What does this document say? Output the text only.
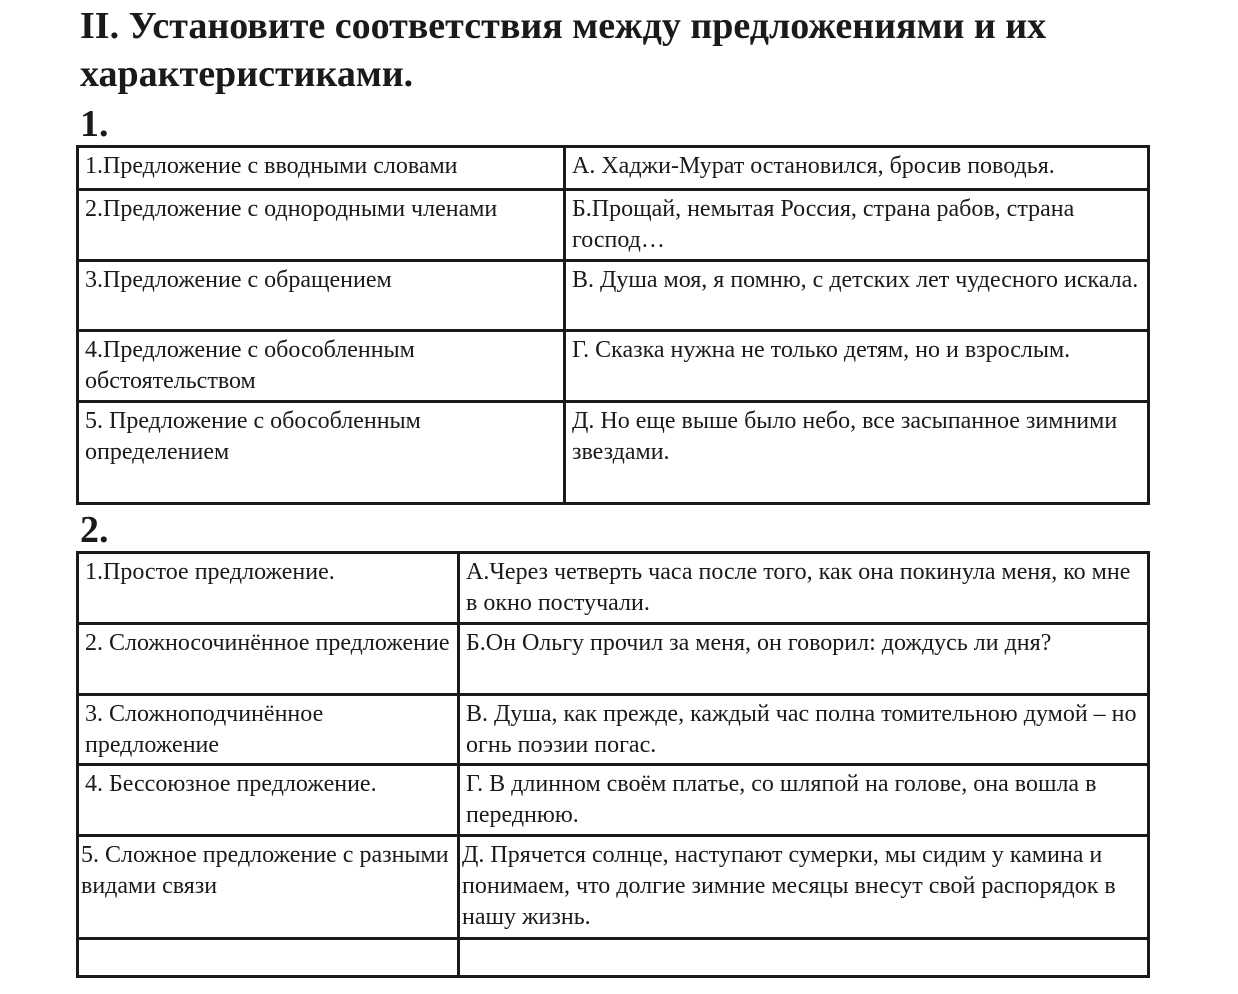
II. Установите соответствия между предложениями и их характеристиками.
1.
1.Предложение с вводными словами	А. Хаджи-Мурат остановился, бросив поводья.
2.Предложение с однородными членами	Б.Прощай, немытая Россия, страна рабов, страна господ…
3.Предложение с обращением	В. Душа моя, я помню, с детских лет чудесного искала.
4.Предложение с обособленным обстоятельством	Г. Сказка нужна не только детям, но и взрослым.
5. Предложение с обособленным определением	Д. Но еще выше было небо, все засыпанное зимними звездами.
2.
1.Простое предложение.	А.Через четверть часа после того, как она покинула меня, ко мне в окно постучали.
2. Сложносочинённое предложение	Б.Он Ольгу прочил за меня, он говорил: дождусь ли дня?
3. Сложноподчинённое предложение	В. Душа, как прежде, каждый час полна томительною думой – но огнь поэзии погас.
4. Бессоюзное предложение.	Г. В длинном своём платье, со шляпой на голове, она вошла в переднюю.
5. Сложное предложение с разными видами связи	Д. Прячется солнце, наступают сумерки, мы сидим у камина и понимаем, что долгие зимние месяцы внесут свой распорядок в нашу жизнь.
